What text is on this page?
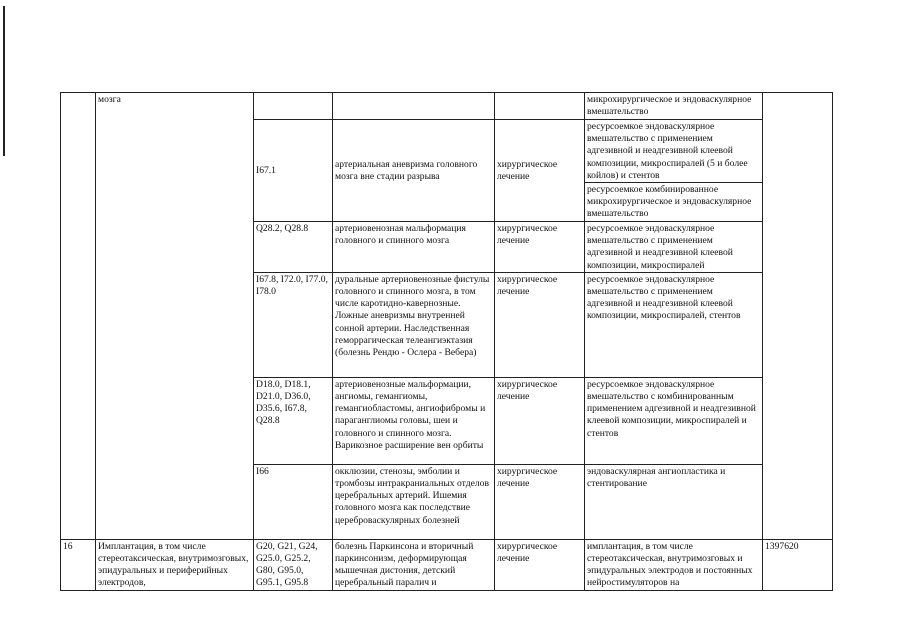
	мозга				микрохирургическое и эндоваскулярное вмешательство	
		I67.1	артериальная аневризма головного мозга вне стадии разрыва	хирургическое лечение	ресурсоемкое эндоваскулярное вмешательство с применением адгезивной и неадгезивной клеевой композиции, микроспиралей (5 и более койлов) и стентов	
					ресурсоемкое комбинированное микрохирургическое и эндоваскулярное вмешательство	
		Q28.2, Q28.8	артериовенозная мальформация головного и спинного мозга	хирургическое лечение	ресурсоемкое эндоваскулярное вмешательство с применением адгезивной и неадгезивной клеевой композиции, микроспиралей	
		I67.8, I72.0, I77.0, I78.0	дуральные артериовенозные фистулы головного и спинного мозга, в том числе каротидно-кавернозные. Ложные аневризмы внутренней сонной артерии. Наследственная геморрагическая телеангиэктазия (болезнь Рендю - Ослера - Вебера)	хирургическое лечение	ресурсоемкое эндоваскулярное вмешательство с применением адгезивной и неадгезивной клеевой композиции, микроспиралей, стентов	
		D18.0, D18.1, D21.0, D36.0, D35.6, I67.8, Q28.8	артериовенозные мальформации, ангиомы, гемангиомы, гемангиобластомы, ангиофибромы и параганглиомы головы, шеи и головного и спинного мозга. Варикозное расширение вен орбиты	хирургическое лечение	ресурсоемкое эндоваскулярное вмешательство с комбинированным применением адгезивной и неадгезивной клеевой композиции, микроспиралей и стентов	
		I66	окклюзии, стенозы, эмболии и тромбозы интракраниальных отделов церебральных артерий. Ишемия головного мозга как последствие цереброваскулярных болезней	хирургическое лечение	эндоваскулярная ангиопластика и стентирование	
16	Имплантация, в том числе стереотаксическая, внутримозговых, эпидуральных и периферийных электродов,	G20, G21, G24, G25.0, G25.2, G80, G95.0, G95.1, G95.8	болезнь Паркинсона и вторичный паркинсонизм, деформирующая мышечная дистония, детский церебральный паралич и	хирургическое лечение	имплантация, в том числе стереотаксическая, внутримозговых и эпидуральных электродов и постоянных нейростимуляторов на	1397620
